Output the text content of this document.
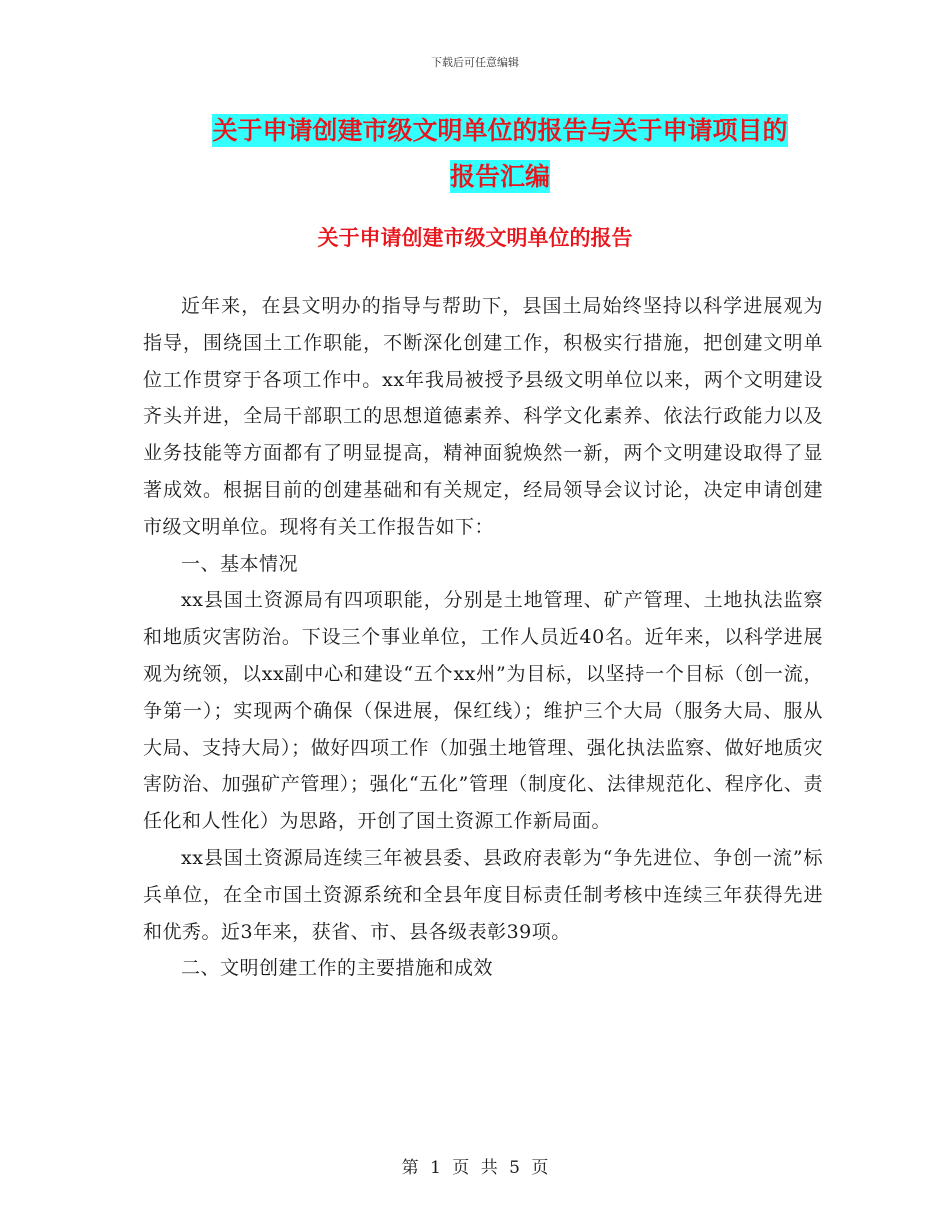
下载后可任意编辑
关于申请创建市级文明单位的报告与关于申请项目的
报告汇编
关于申请创建市级文明单位的报告

近年来，在县文明办的指导与帮助下，县国土局始终坚持以科学进展观为指导，围绕国土工作职能，不断深化创建工作，积极实行措施，把创建文明单位工作贯穿于各项工作中。xx年我局被授予县级文明单位以来，两个文明建设齐头并进，全局干部职工的思想道德素养、科学文化素养、依法行政能力以及业务技能等方面都有了明显提高，精神面貌焕然一新，两个文明建设取得了显著成效。根据目前的创建基础和有关规定，经局领导会议讨论，决定申请创建市级文明单位。现将有关工作报告如下：

一、基本情况

xx县国土资源局有四项职能，分别是土地管理、矿产管理、土地执法监察和地质灾害防治。下设三个事业单位，工作人员近40名。近年来，以科学进展观为统领，以xx副中心和建设“五个xx州”为目标，以坚持一个目标（创一流，争第一）；实现两个确保（保进展，保红线）；维护三个大局（服务大局、服从大局、支持大局）；做好四项工作（加强土地管理、强化执法监察、做好地质灾害防治、加强矿产管理）；强化“五化”管理（制度化、法律规范化、程序化、责任化和人性化）为思路，开创了国土资源工作新局面。

xx县国土资源局连续三年被县委、县政府表彰为“争先进位、争创一流”标兵单位，在全市国土资源系统和全县年度目标责任制考核中连续三年获得先进和优秀。近3年来，获省、市、县各级表彰39项。

二、文明创建工作的主要措施和成效

第 1 页 共 5 页
